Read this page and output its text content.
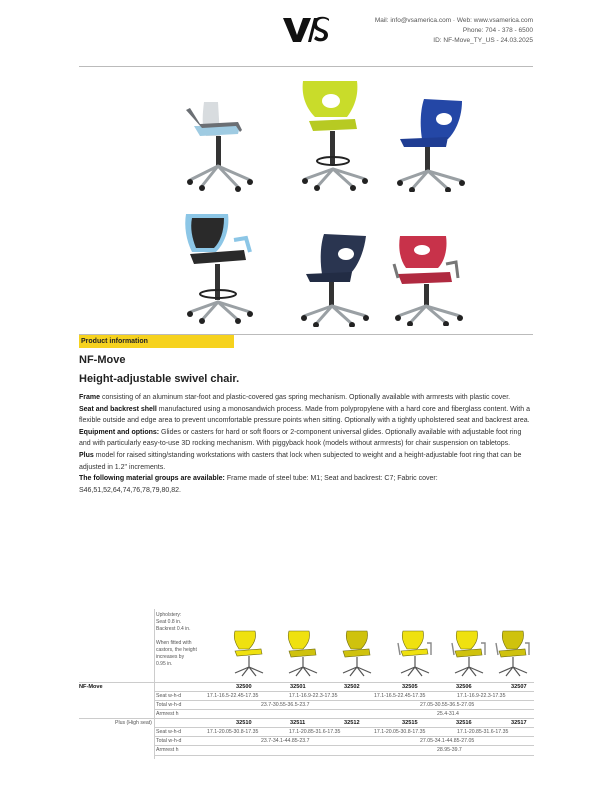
Mail: info@vsamerica.com · Web: www.vsamerica.com
Phone: 704 - 378 - 6500
ID: NF-Move_TY_US - 24.03.2025
Product information
NF-Move
Height-adjustable swivel chair.

Frame consisting of an aluminum star-foot and plastic-covered gas spring mechanism. Optionally available with armrests with plastic cover.

Seat and backrest shell manufactured using a monosandwich process. Made from polypropylene with a hard core and fiberglass content. With a flexible outside and edge area to prevent uncomfortable pressure points when sitting. Optionally with a tightly upholstered seat and backrest area.

Equipment and options: Glides or casters for hard or soft floors or 2-component universal glides. Optionally available with adjustable foot ring and with particularly easy-to-use 3D rocking mechanism. With piggyback hook (models without armrests) for chair suspension on tabletops.

Plus model for raised sitting/standing workstations with casters that lock when subjected to weight and a height-adjustable foot ring that can be adjusted in 1.2" increments.

The following material groups are available: Frame made of steel tube: M1; Seat and backrest: C7; Fabric cover: S46,51,52,64,74,76,78,79,80,82.

Upholstery:
Seat 0.8 in.
Backrest 0.4 in.
When fitted with
castors, the height
increases by
0.95 in.
NF-Move	32500	32501	32502	32505	32506	32507
Seat w-h-d	17.1-16.5-22.45-17.35	17.1-16.9-22.3-17.35	17.1-16.5-22.45-17.35	17.1-16.9-22.3-17.35
Total w-h-d	23.7-30.55-36.5-23.7	27.05-30.55-36.5-27.05
Armrest h	25.4-31.4
Plus (High seat)	32510	32511	32512	32515	32516	32517
Seat w-h-d	17.1-20.05-30.8-17.35	17.1-20.85-31.6-17.35	17.1-20.05-30.8-17.35	17.1-20.85-31.6-17.35
Total w-h-d	23.7-34.1-44.85-23.7	27.05-34.1-44.85-27.05
Armrest h	28.95-39.7
